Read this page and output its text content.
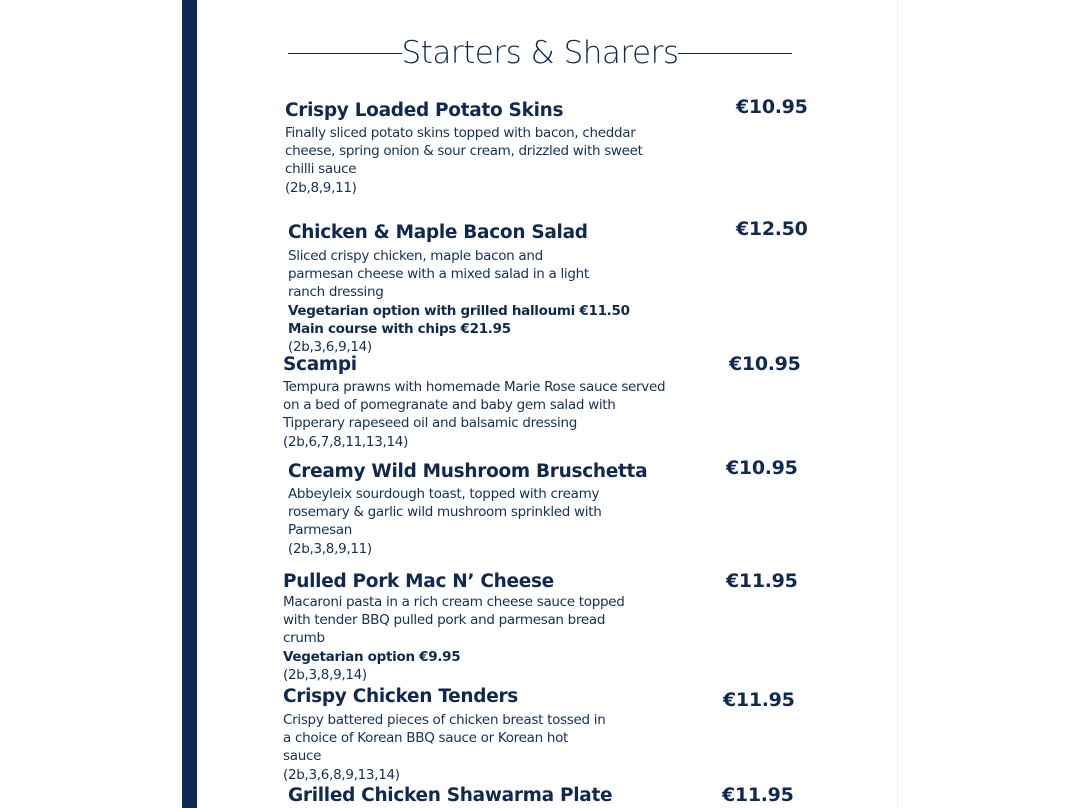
Starters & Sharers
Crispy Loaded Potato Skins
Finally sliced potato skins topped with bacon, cheddar cheese, spring onion & sour cream, drizzled with sweet chilli sauce
(2b,8,9,11)
€10.95
Chicken & Maple Bacon Salad
Sliced crispy chicken, maple bacon and parmesan cheese with a mixed salad in a light ranch dressing
Vegetarian option with grilled halloumi €11.50
Main course with chips €21.95
(2b,3,6,9,14)
€12.50
Scampi
Tempura prawns with homemade Marie Rose sauce served on a bed of pomegranate and baby gem salad with Tipperary rapeseed oil and balsamic dressing
(2b,6,7,8,11,13,14)
€10.95
Creamy Wild Mushroom Bruschetta
Abbeyleix sourdough toast, topped with creamy rosemary & garlic wild mushroom sprinkled with Parmesan
(2b,3,8,9,11)
€10.95
Pulled Pork Mac N’ Cheese
Macaroni pasta in a rich cream cheese sauce topped with tender BBQ pulled pork and parmesan bread crumb
Vegetarian option €9.95
(2b,3,8,9,14)
€11.95
Crispy Chicken Tenders
Crispy battered pieces of chicken breast tossed in a choice of Korean BBQ sauce or Korean hot sauce
(2b,3,6,8,9,13,14)
€11.95
Grilled Chicken Shawarma Plate	€11.95
